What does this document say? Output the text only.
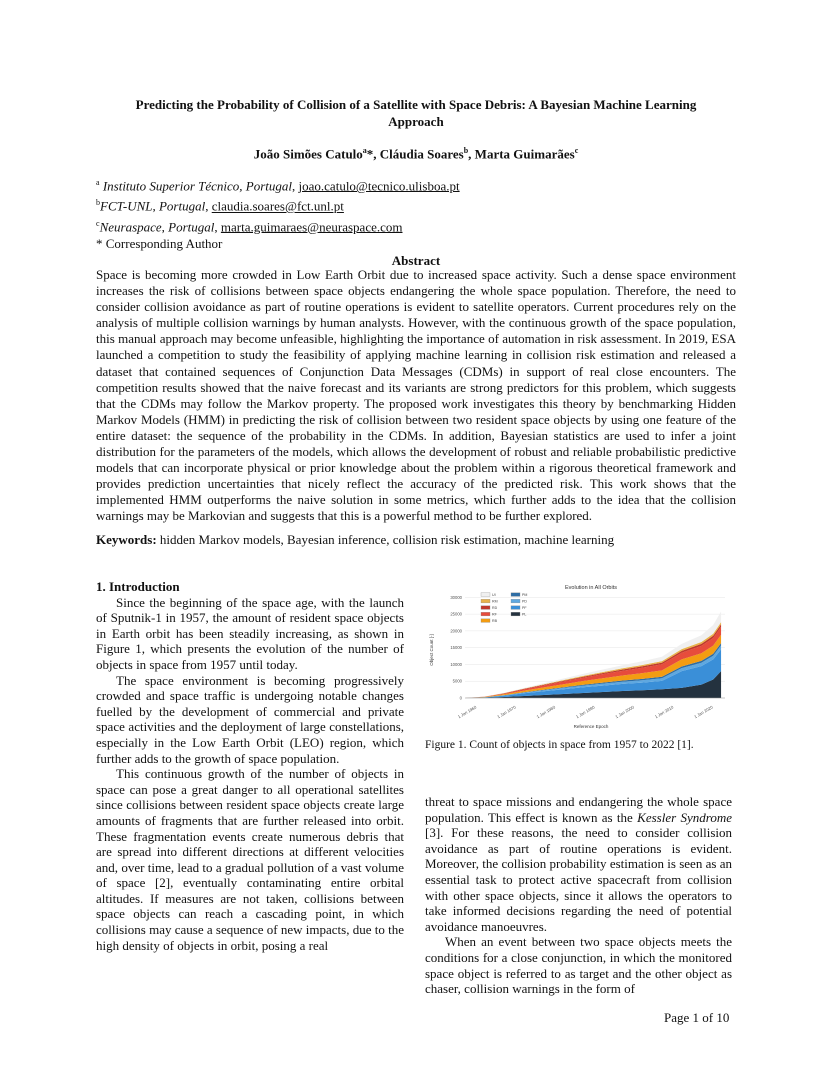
Predicting the Probability of Collision of a Satellite with Space Debris: A Bayesian Machine Learning
Approach
João Simões Catulo$^a$*, Cláudia Soares$^b$, Marta Guimarães$^c$
$^a$ Instituto Superior Técnico, Portugal, joao.catulo@tecnico.ulisboa.pt
$^b$FCT-UNL, Portugal, claudia.soares@fct.unl.pt
$^c$Neuraspace, Portugal, marta.guimaraes@neuraspace.com
* Corresponding Author
Abstract
Space is becoming more crowded in Low Earth Orbit due to increased space activity. Such a dense space environment increases the risk of collisions between space objects endangering the whole space population. Therefore, the need to consider collision avoidance as part of routine operations is evident to satellite operators. Current procedures rely on the analysis of multiple collision warnings by human analysts. However, with the continuous growth of the space population, this manual approach may become unfeasible, highlighting the importance of automation in risk assessment. In 2019, ESA launched a competition to study the feasibility of applying machine learning in collision risk estimation and released a dataset that contained sequences of Conjunction Data Messages (CDMs) in support of real close encounters. The competition results showed that the naive forecast and its variants are strong predictors for this problem, which suggests that the CDMs may follow the Markov property. The proposed work investigates this theory by benchmarking Hidden Markov Models (HMM) in predicting the risk of collision between two resident space objects by using one feature of the entire dataset: the sequence of the probability in the CDMs. In addition, Bayesian statistics are used to infer a joint distribution for the parameters of the models, which allows the development of robust and reliable probabilistic predictive models that can incorporate physical or prior knowledge about the problem within a rigorous theoretical framework and provides prediction uncertainties that nicely reflect the accuracy of the predicted risk. This work shows that the implemented HMM outperforms the naive solution in some metrics, which further adds to the idea that the collision warnings may be Markovian and suggests that this is a powerful method to be further explored.
Keywords: hidden Markov models, Bayesian inference, collision risk estimation, machine learning

1. Introduction

Since the beginning of the space age, with the launch of Sputnik-1 in 1957, the amount of resident space objects in Earth orbit has been steadily increasing, as shown in Figure 1, which presents the evolution of the number of objects in space from 1957 until today.

The space environment is becoming progressively crowded and space traffic is undergoing notable changes fuelled by the development of commercial and private space activities and the deployment of large constellations, especially in the Low Earth Orbit (LEO) region, which further adds to the growth of space population.

This continuous growth of the number of objects in space can pose a great danger to all operational satellites since collisions between resident space objects create large amounts of fragments that are further released into orbit. These fragmentation events create numerous debris that are spread into different directions at different velocities and, over time, lead to a gradual pollution of a vast volume of space [2], eventually contaminating entire orbital altitudes. If measures are not taken, collisions between space objects can reach a cascading point, in which collisions may cause a sequence of new impacts, due to the high density of objects in orbit, posing a real

0
5000
10000
15000
20000
25000
30000
1 Jan 1960	1 Jan 1970	1 Jan 1980	1 Jan 1990	1 Jan 2000	1 Jan 2010	1 Jan 2020
UI
RM
RD
RF
RB
PM
PD
PF
PL
Evolution in All Orbits
Reference Epoch
Object Count [-]
Figure 1. Count of objects in space from 1957 to 2022 [1].

threat to space missions and endangering the whole space population. This effect is known as the Kessler Syndrome [3]. For these reasons, the need to consider collision avoidance as part of routine operations is evident. Moreover, the collision probability estimation is seen as an essential task to protect active spacecraft from collision with other space objects, since it allows the operators to take informed decisions regarding the need of potential avoidance manoeuvres.

When an event between two space objects meets the conditions for a close conjunction, in which the monitored space object is referred to as target and the other object as chaser, collision warnings in the form of

Page 1 of 10
